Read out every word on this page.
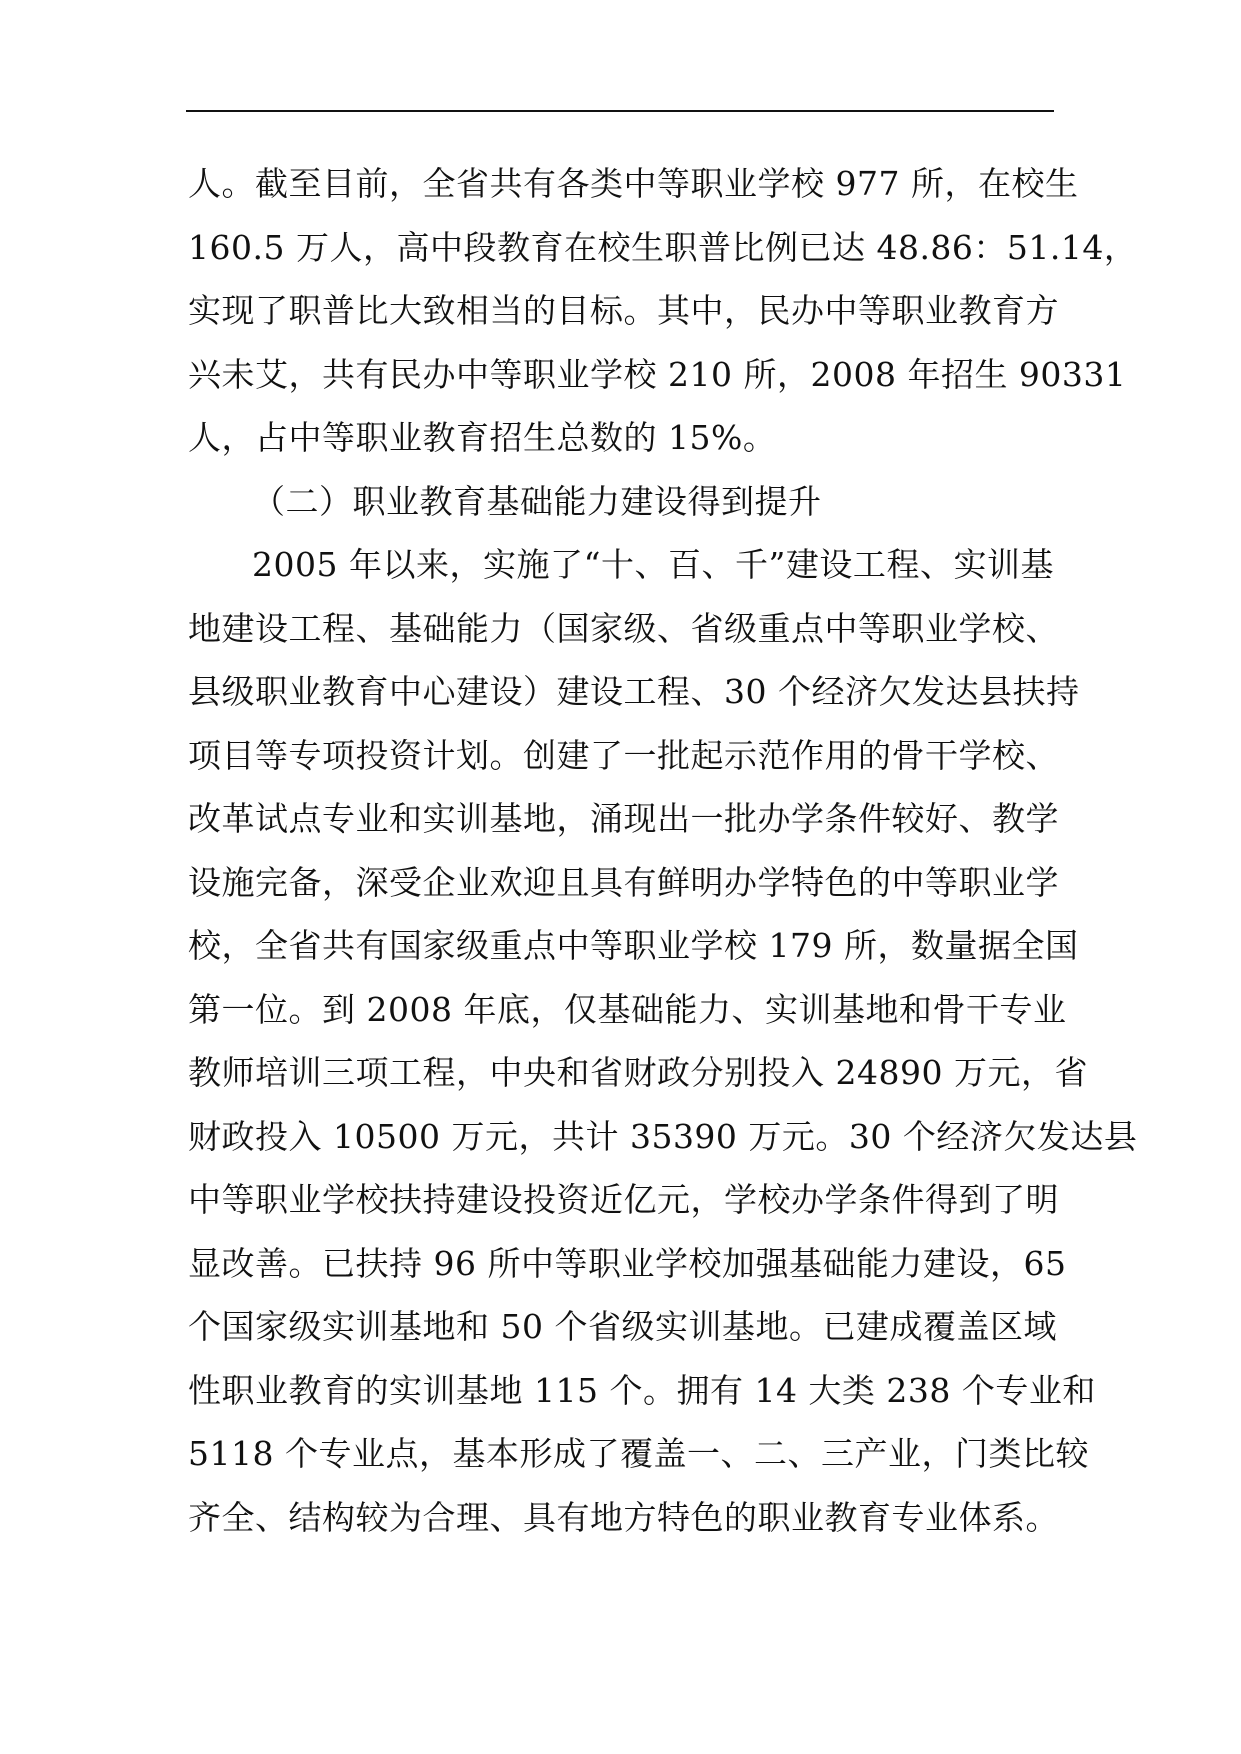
人。截至目前，全省共有各类中等职业学校 977 所，在校生
160.5 万人，高中段教育在校生职普比例已达 48.86：51.14，
实现了职普比大致相当的目标。其中，民办中等职业教育方
兴未艾，共有民办中等职业学校 210 所，2008 年招生 90331
人，占中等职业教育招生总数的 15%。
（二）职业教育基础能力建设得到提升
2005 年以来，实施了“十、百、千”建设工程、实训基
地建设工程、基础能力（国家级、省级重点中等职业学校、
县级职业教育中心建设）建设工程、30 个经济欠发达县扶持
项目等专项投资计划。创建了一批起示范作用的骨干学校、
改革试点专业和实训基地，涌现出一批办学条件较好、教学
设施完备，深受企业欢迎且具有鲜明办学特色的中等职业学
校，全省共有国家级重点中等职业学校 179 所，数量据全国
第一位。到 2008 年底，仅基础能力、实训基地和骨干专业
教师培训三项工程，中央和省财政分别投入 24890 万元，省
财政投入 10500 万元，共计 35390 万元。30 个经济欠发达县
中等职业学校扶持建设投资近亿元，学校办学条件得到了明
显改善。已扶持 96 所中等职业学校加强基础能力建设，65
个国家级实训基地和 50 个省级实训基地。已建成覆盖区域
性职业教育的实训基地 115 个。拥有 14 大类 238 个专业和
5118 个专业点，基本形成了覆盖一、二、三产业，门类比较
齐全、结构较为合理、具有地方特色的职业教育专业体系。
